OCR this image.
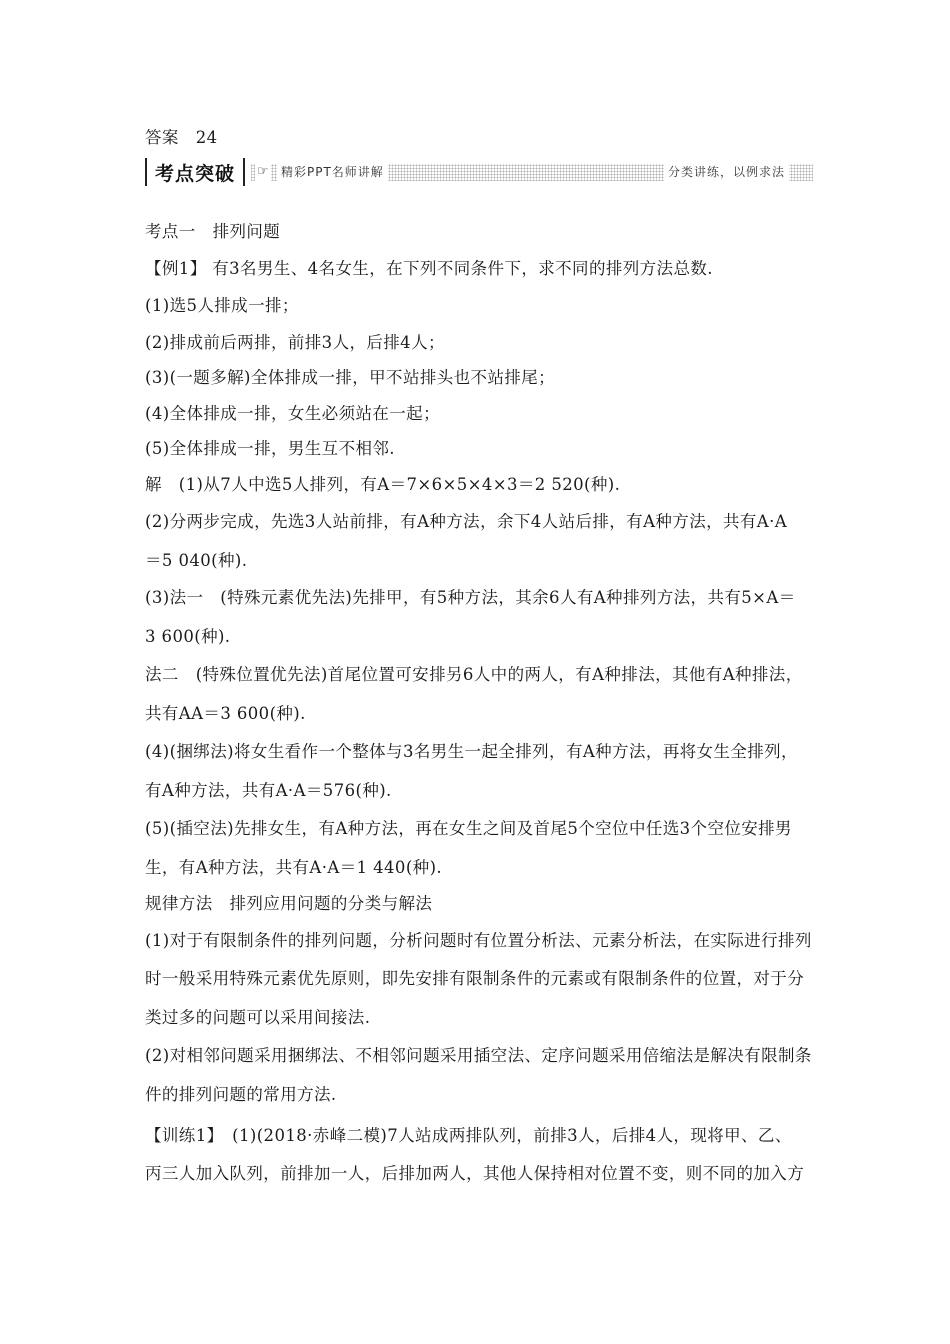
答案　24
考点突破	☞	精彩PPT名师讲解	分类讲练，以例求法
考点一　排列问题
【例1】 有3名男生、4名女生，在下列不同条件下，求不同的排列方法总数.
(1)选5人排成一排；
(2)排成前后两排，前排3人，后排4人；
(3)(一题多解)全体排成一排，甲不站排头也不站排尾；
(4)全体排成一排，女生必须站在一起；
(5)全体排成一排，男生互不相邻.
解　(1)从7人中选5人排列，有A＝7×6×5×4×3＝2 520(种).
(2)分两步完成，先选3人站前排，有A种方法，余下4人站后排，有A种方法，共有A·A
＝5 040(种).
(3)法一　(特殊元素优先法)先排甲，有5种方法，其余6人有A种排列方法，共有5×A＝
3 600(种).
法二　(特殊位置优先法)首尾位置可安排另6人中的两人，有A种排法，其他有A种排法，
共有AA＝3 600(种).
(4)(捆绑法)将女生看作一个整体与3名男生一起全排列，有A种方法，再将女生全排列，
有A种方法，共有A·A＝576(种).
(5)(插空法)先排女生，有A种方法，再在女生之间及首尾5个空位中任选3个空位安排男
生，有A种方法，共有A·A＝1 440(种).
规律方法　排列应用问题的分类与解法
(1)对于有限制条件的排列问题，分析问题时有位置分析法、元素分析法，在实际进行排列
时一般采用特殊元素优先原则，即先安排有限制条件的元素或有限制条件的位置，对于分
类过多的问题可以采用间接法.
(2)对相邻问题采用捆绑法、不相邻问题采用插空法、定序问题采用倍缩法是解决有限制条
件的排列问题的常用方法.
【训练1】　(1)(2018·赤峰二模)7人站成两排队列，前排3人，后排4人，现将甲、乙、
丙三人加入队列，前排加一人，后排加两人，其他人保持相对位置不变，则不同的加入方
